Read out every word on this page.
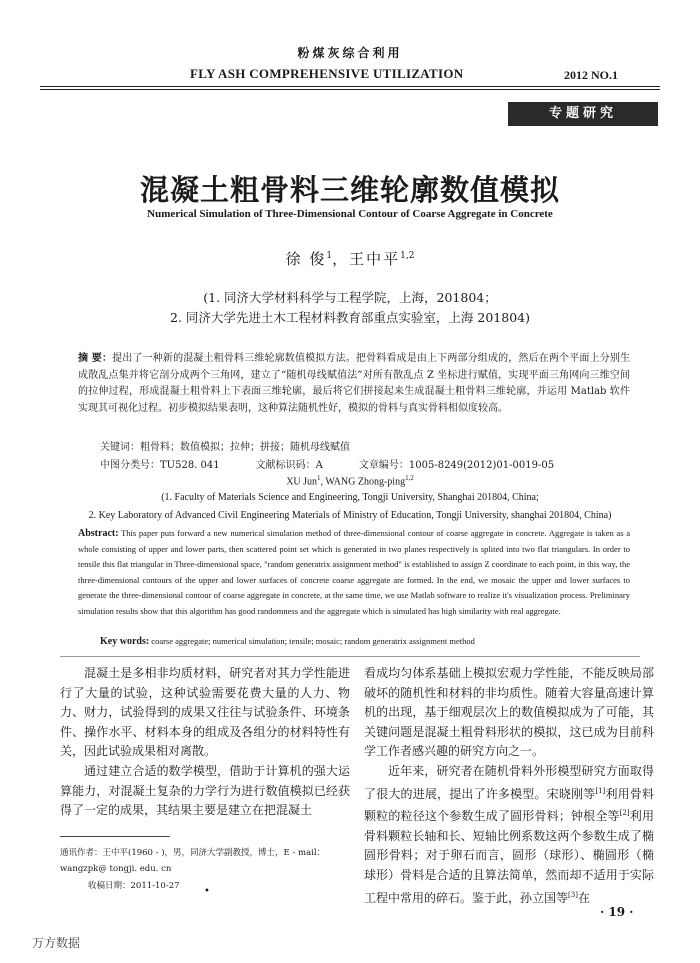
粉煤灰综合利用
FLY ASH COMPREHENSIVE UTILIZATION	2012 NO.1
专题研究
混凝土粗骨料三维轮廓数值模拟
Numerical Simulation of Three-Dimensional Contour of Coarse Aggregate in Concrete
徐 俊$^1$，王中平$^{1,2}$
(1. 同济大学材料科学与工程学院，上海，201804；
2. 同济大学先进土木工程材料教育部重点实验室，上海 201804)
摘 要：提出了一种新的混凝土粗骨料三维轮廓数值模拟方法。把骨料看成是由上下两部分组成的，然后在两个平面上分别生成散乱点集并将它剖分成两个三角网，建立了“随机母线赋值法”对所有散乱点 Z 坐标进行赋值，实现平面三角网向三维空间的拉伸过程，形成混凝土粗骨料上下表面三维轮廓，最后将它们拼接起来生成混凝土粗骨料三维轮廓，并运用 Matlab 软件实现其可视化过程。初步模拟结果表明，这种算法随机性好，模拟的骨料与真实骨料相似度较高。
关键词：粗骨料；数值模拟；拉伸；拼接；随机母线赋值
中图分类号：TU528. 041	文献标识码：A	文章编号：1005-8249(2012)01-0019-05
XU Jun$^1$, WANG Zhong-ping$^{1,2}$
(1. Faculty of Materials Science and Engineering, Tongji University, Shanghai 201804, China;
2. Key Laboratory of Advanced Civil Engineering Materials of Ministry of Education, Tongji University, shanghai 201804, China)
Abstract: This paper puts forward a new numerical simulation method of three-dimensional contour of coarse aggregate in concrete. Aggregate is taken as a whole consisting of upper and lower parts, then scattered point set which is generated in two planes respectively is splited into two flat triangulars. In order to tensile this flat triangular in Three-dimensional space, "random generatrix assignment method" is established to assign Z coordinate to each point, in this way, the three-dimensional contours of the upper and lower surfaces of concrete coarse aggregate are formed. In the end, we mosaic the upper and lower surfaces to generate the three-dimensional contour of coarse aggregate in concrete, at the same time, we use Matlab software to realize it's visualization process. Preliminary simulation results show that this algorithm has good randomness and the aggregate which is simulated has high similarity with real aggregate.
Key words: coarse aggregate; numerical simulation; tensile; mosaic; random generatrix assignment method

混凝土是多相非均质材料，研究者对其力学性能进行了大量的试验，这种试验需要花费大量的人力、物力、财力，试验得到的成果又往往与试验条件、环境条件、操作水平、材料本身的组成及各组分的材料特性有关，因此试验成果相对离散。

通过建立合适的数学模型，借助于计算机的强大运算能力，对混凝土复杂的力学行为进行数值模拟已经获得了一定的成果，其结果主要是建立在把混凝土

看成均匀体系基础上模拟宏观力学性能，不能反映局部破坏的随机性和材料的非均质性。随着大容量高速计算机的出现，基于细观层次上的数值模拟成为了可能，其关键问题是混凝土粗骨料形状的模拟，这已成为目前科学工作者感兴趣的研究方向之一。

近年来，研究者在随机骨料外形模型研究方面取得了很大的进展，提出了许多模型。宋晓刚等[1]利用骨料颗粒的粒径这个参数生成了圆形骨料；钟根全等[2]利用骨料颗粒长轴和长、短轴比例系数这两个参数生成了椭圆形骨料；对于卵石而言，圆形（球形）、椭圆形（椭球形）骨料是合适的且算法简单，然而却不适用于实际工程中常用的碎石。鉴于此，孙立国等[3]在

通讯作者：王中平(1960 - )，男，同济大学副教授，博士，E - mail：wangzpk@ tongji. edu. cn
收稿日期：2011-10-27 •
· 19 ·
万方数据
